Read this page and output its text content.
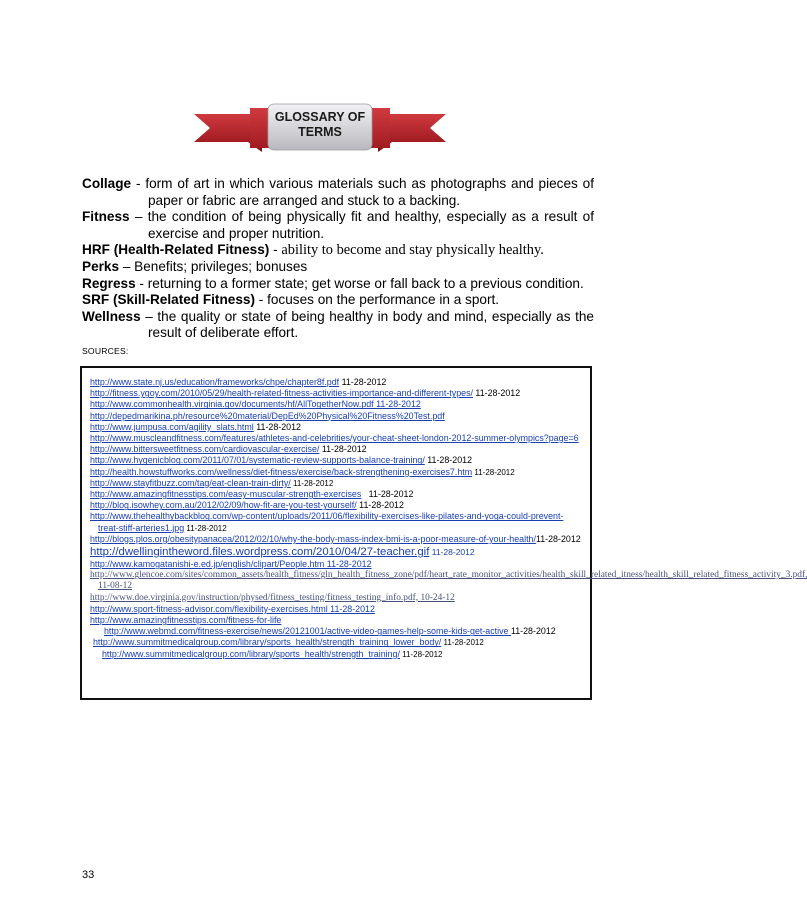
GLOSSARY OF
TERMS
Collage - form of art in which various materials such as photographs and pieces of paper or fabric are arranged and stuck to a backing.
Fitness – the condition of being physically fit and healthy, especially as a result of exercise and proper nutrition.
HRF (Health-Related Fitness) - ability to become and stay physically healthy.
Perks – Benefits; privileges; bonuses
Regress - returning to a former state; get worse or fall back to a previous condition.
SRF (Skill-Related Fitness) - focuses on the performance in a sport.
Wellness – the quality or state of being healthy in body and mind, especially as the result of deliberate effort.
SOURCES:
http://www.state.nj.us/education/frameworks/chpe/chapter8f.pdf 11-28-2012
http://fitness.ygoy.com/2010/05/29/health-related-fitness-activities-importance-and-different-types/ 11-28-2012
http://www.commonhealth.virginia.gov/documents/hf/AllTogetherNow.pdf 11-28-2012
http://depedmarikina.ph/resource%20material/DepEd%20Physical%20Fitness%20Test.pdf
http://www.jumpusa.com/agility_slats.html 11-28-2012
http://www.muscleandfitness.com/features/athletes-and-celebrities/your-cheat-sheet-london-2012-summer-olympics?page=6
http://www.bittersweetfitness.com/cardiovascular-exercise/ 11-28-2012
http://www.hygenicblog.com/2011/07/01/systematic-review-supports-balance-training/ 11-28-2012
http://health.howstuffworks.com/wellness/diet-fitness/exercise/back-strengthening-exercises7.htm 11-28-2012
http://www.stayfitbuzz.com/tag/eat-clean-train-dirty/ 11-28-2012
http://www.amazingfitnesstips.com/easy-muscular-strength-exercises   11-28-2012
http://blog.isowhey.com.au/2012/02/09/how-fit-are-you-test-yourself/ 11-28-2012
http://www.thehealthybackblog.com/wp-content/uploads/2011/06/flexibility-exercises-like-pilates-and-yoga-could-prevent-treat-stiff-arteries1.jpg 11-28-2012
http://blogs.plos.org/obesitypanacea/2012/02/10/why-the-body-mass-index-bmi-is-a-poor-measure-of-your-health/11-28-2012
http://dwellingintheword.files.wordpress.com/2010/04/27-teacher.gif 11-28-2012
http://www.kamogatanishi-e.ed.jp/english/clipart/People.htm 11-28-2012
http://www.glencoe.com/sites/common_assets/health_fitness/gln_health_fitness_zone/pdf/heart_rate_monitor_activities/health_skill_related_itness/health_skill_related_fitness_activity_3.pdf, 11-08-12
http://www.doe.virginia.gov/instruction/physed/fitness_testing/fitness_testing_info.pdf, 10-24-12
http://www.sport-fitness-advisor.com/flexibility-exercises.html 11-28-2012
http://www.amazingfitnesstips.com/fitness-for-life
http://www.webmd.com/fitness-exercise/news/20121001/active-video-games-help-some-kids-get-active 11-28-2012
http://www.summitmedicalgroup.com/library/sports_health/strength_training_lower_body/ 11-28-2012
http://www.summitmedicalgroup.com/library/sports_health/strength_training/ 11-28-2012
33
